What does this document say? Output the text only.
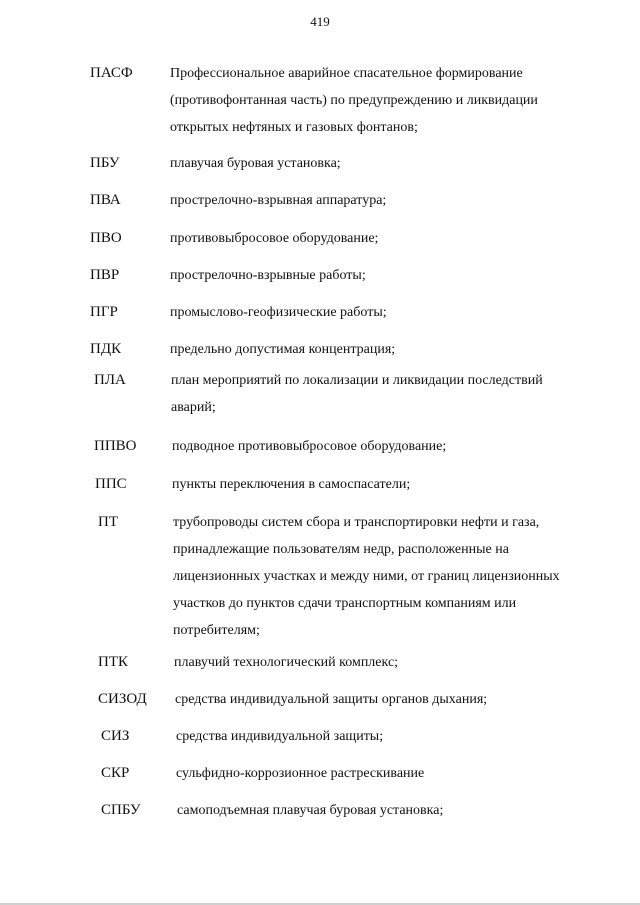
419
ПАСФ	Профессиональное аварийное спасательное формирование
(противофонтанная часть) по предупреждению и ликвидации
открытых нефтяных и газовых фонтанов;
ПБУ	плавучая буровая установка;
ПВА	прострелочно-взрывная аппаратура;
ПВО	противовыбросовое оборудование;
ПВР	прострелочно-взрывные работы;
ПГР	промыслово-геофизические работы;
ПДК	предельно допустимая концентрация;
ПЛА	план мероприятий по локализации и ликвидации последствий
аварий;
ППВО	подводное противовыбросовое оборудование;
ППС	пункты переключения в самоспасатели;
ПТ	трубопроводы систем сбора и транспортировки нефти и газа,
принадлежащие пользователям недр, расположенные на
лицензионных участках и между ними, от границ лицензионных
участков до пунктов сдачи транспортным компаниям или
потребителям;
ПТК	плавучий технологический комплекс;
СИЗОД	средства индивидуальной защиты органов дыхания;
СИЗ	средства индивидуальной защиты;
СКР	сульфидно-коррозионное растрескивание
СПБУ	самоподъемная плавучая буровая установка;
